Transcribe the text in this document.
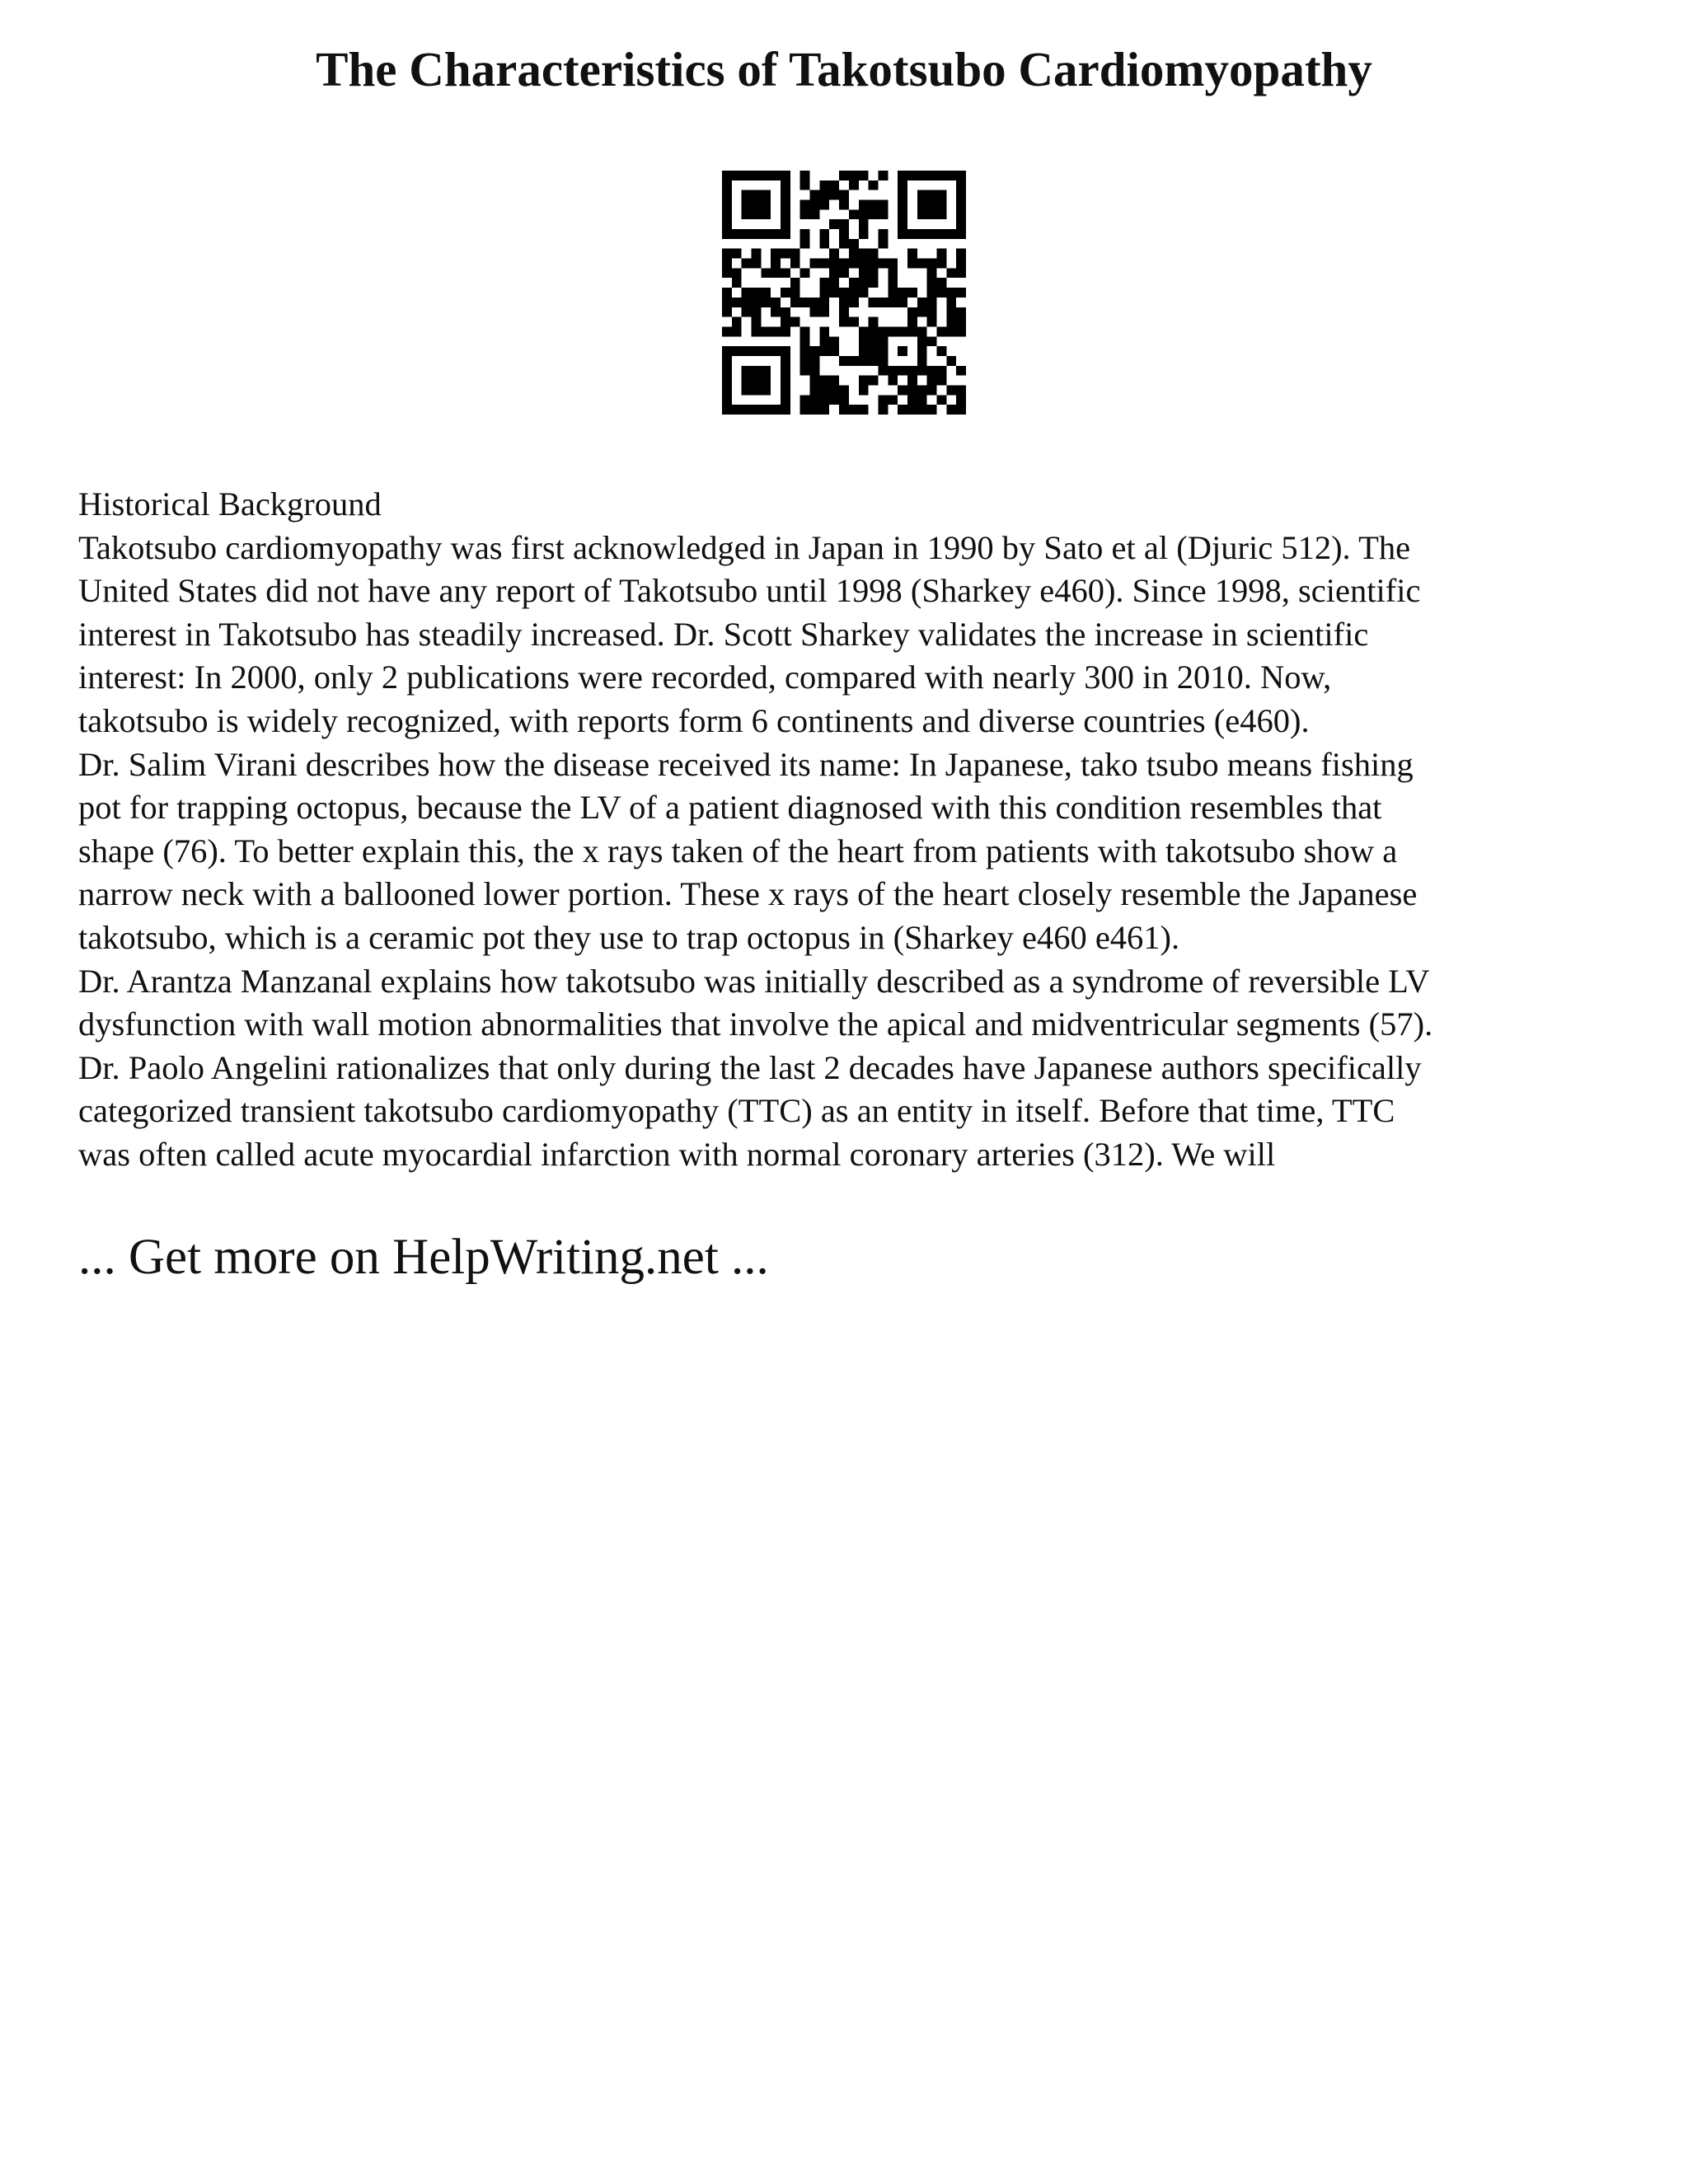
The Characteristics of Takotsubo Cardiomyopathy

Historical Background

Takotsubo cardiomyopathy was first acknowledged in Japan in 1990 by Sato et al (Djuric 512). The

United States did not have any report of Takotsubo until 1998 (Sharkey e460). Since 1998, scientific

interest in Takotsubo has steadily increased. Dr. Scott Sharkey validates the increase in scientific

interest: In 2000, only 2 publications were recorded, compared with nearly 300 in 2010. Now,

takotsubo is widely recognized, with reports form 6 continents and diverse countries (e460).

Dr. Salim Virani describes how the disease received its name: In Japanese, tako tsubo means fishing

pot for trapping octopus, because the LV of a patient diagnosed with this condition resembles that

shape (76). To better explain this, the x rays taken of the heart from patients with takotsubo show a

narrow neck with a ballooned lower portion. These x rays of the heart closely resemble the Japanese

takotsubo, which is a ceramic pot they use to trap octopus in (Sharkey e460 e461).

Dr. Arantza Manzanal explains how takotsubo was initially described as a syndrome of reversible LV

dysfunction with wall motion abnormalities that involve the apical and midventricular segments (57).

Dr. Paolo Angelini rationalizes that only during the last 2 decades have Japanese authors specifically

categorized transient takotsubo cardiomyopathy (TTC) as an entity in itself. Before that time, TTC

was often called acute myocardial infarction with normal coronary arteries (312). We will

... Get more on HelpWriting.net ...
